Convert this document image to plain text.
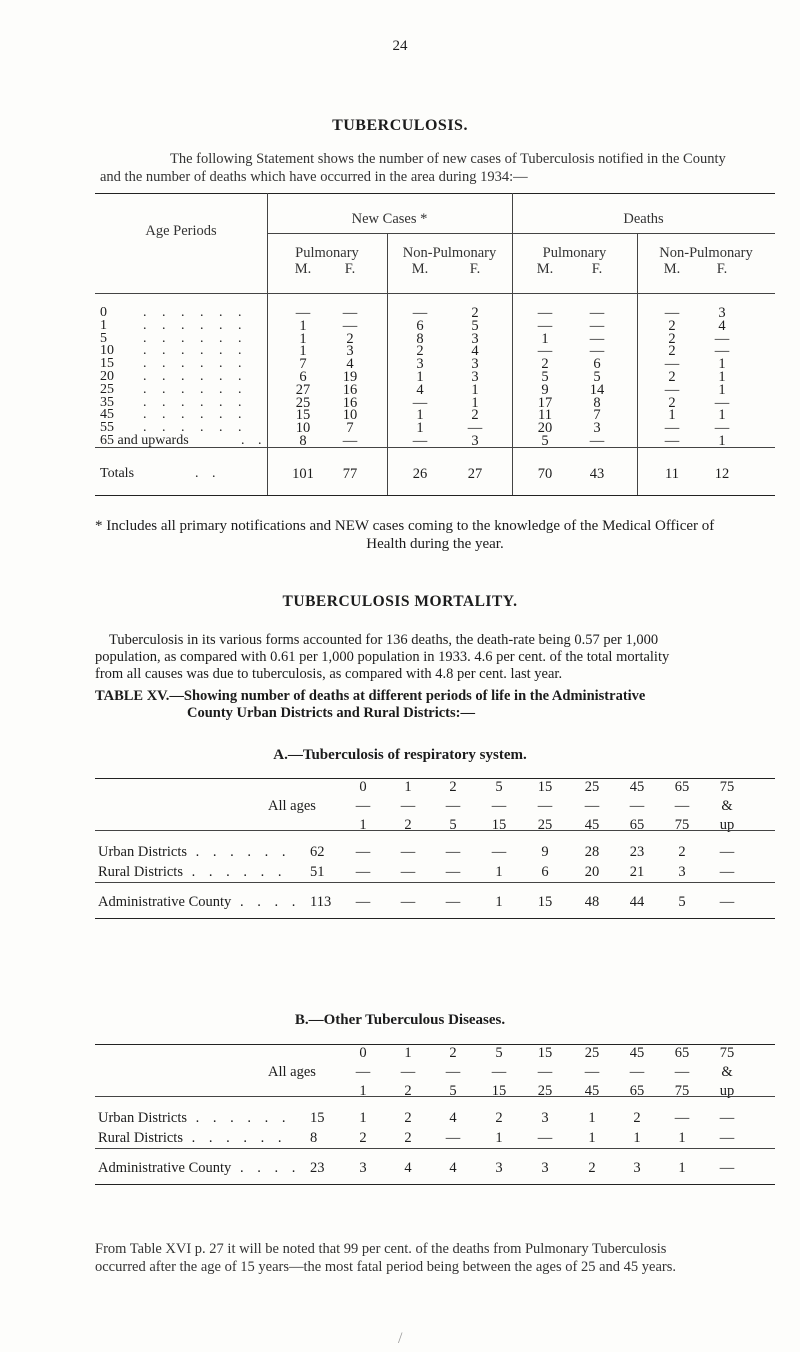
24
TUBERCULOSIS.
The following Statement shows the number of new cases of Tuberculosis notified in the County
and the number of deaths which have occurred in the area during 1934:—
Age Periods
New Cases *	Deaths
Pulmonary	Non-Pulmonary	Pulmonary	Non-Pulmonary
M.	F.	M.	F.	M.	F.	M.	F.
0	. . . . . .	—	—	—	2	—	—	—	3
1	. . . . . .	1	—	6	5	—	—	2	4
5	. . . . . .	1	2	8	3	1	—	2	—
10	. . . . . .	1	3	2	4	—	—	2	—
15	. . . . . .	7	4	3	3	2	6	—	1
20	. . . . . .	6	19	1	3	5	5	2	1
25	. . . . . .	27	16	4	1	9	14	—	1
35	. . . . . .	25	16	—	1	17	8	2	—
45	. . . . . .	15	10	1	2	11	7	1	1
55	. . . . . .	10	7	1	—	20	3	—	—
65 and upwards	. .	8	—	—	3	5	—	—	1
Totals	. .	101	77	26	27	70	43	11	12
* Includes all primary notifications and NEW cases coming to the knowledge of the Medical Officer of
Health during the year.
TUBERCULOSIS MORTALITY.
Tuberculosis in its various forms accounted for 136 deaths, the death-rate being 0.57 per 1,000
population, as compared with 0.61 per 1,000 population in 1933. 4.6 per cent. of the total mortality
from all causes was due to tuberculosis, as compared with 4.8 per cent. last year.
TABLE XV.—Showing number of deaths at different periods of life in the Administrative
County Urban Districts and Rural Districts:—
A.—Tuberculosis of respiratory system.
All ages
0	1	2	5	15	25	45	65	75
—	—	—	—	—	—	—	—	&
1	2	5	15	25	45	65	75	up
Urban Districts . . . . . . 62	—	—	—	—	9	28	23	2	—
Rural Districts . . . . . . 51	—	—	—	1	6	20	21	3	—
Administrative County . . . . 113	—	—	—	1	15	48	44	5	—
B.—Other Tuberculous Diseases.
All ages
0	1	2	5	15	25	45	65	75
—	—	—	—	—	—	—	—	&
1	2	5	15	25	45	65	75	up
Urban Districts . . . . . . 15	1	2	4	2	3	1	2	—	—
Rural Districts . . . . . . 8	2	2	—	1	—	1	1	1	—
Administrative County . . . . 23	3	4	4	3	3	2	3	1	—
From Table XVI p. 27 it will be noted that 99 per cent. of the deaths from Pulmonary Tuberculosis
occurred after the age of 15 years—the most fatal period being between the ages of 25 and 45 years.
/
